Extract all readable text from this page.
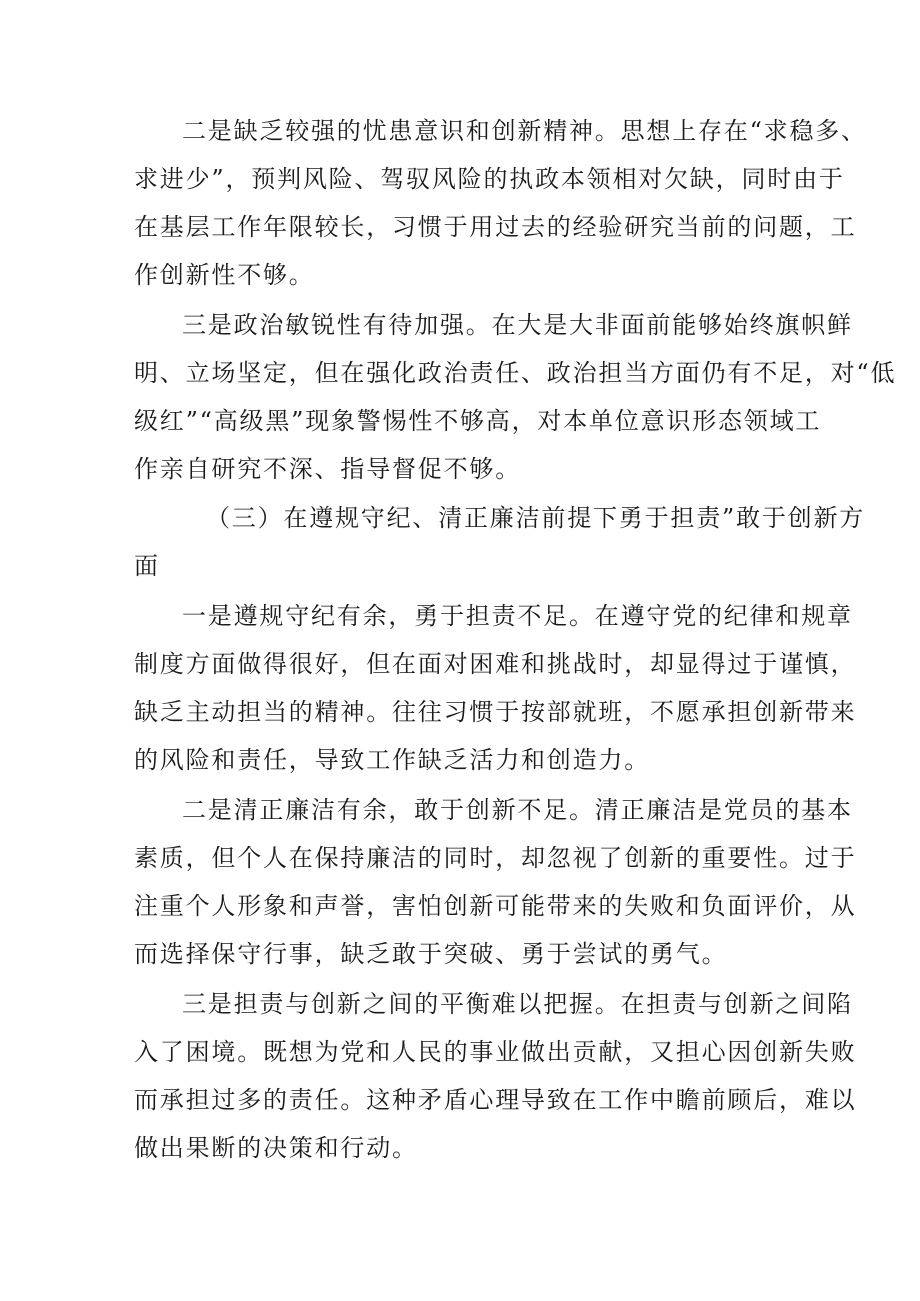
二是缺乏较强的忧患意识和创新精神。思想上存在“求稳多、
求进少”，预判风险、驾驭风险的执政本领相对欠缺，同时由于
在基层工作年限较长，习惯于用过去的经验研究当前的问题，工
作创新性不够。
三是政治敏锐性有待加强。在大是大非面前能够始终旗帜鲜
明、立场坚定，但在强化政治责任、政治担当方面仍有不足，对“低
级红”“高级黑”现象警惕性不够高，对本单位意识形态领域工
作亲自研究不深、指导督促不够。
（三）在遵规守纪、清正廉洁前提下勇于担责”敢于创新方
面
一是遵规守纪有余，勇于担责不足。在遵守党的纪律和规章
制度方面做得很好，但在面对困难和挑战时，却显得过于谨慎，
缺乏主动担当的精神。往往习惯于按部就班，不愿承担创新带来
的风险和责任，导致工作缺乏活力和创造力。
二是清正廉洁有余，敢于创新不足。清正廉洁是党员的基本
素质，但个人在保持廉洁的同时，却忽视了创新的重要性。过于
注重个人形象和声誉，害怕创新可能带来的失败和负面评价，从
而选择保守行事，缺乏敢于突破、勇于尝试的勇气。
三是担责与创新之间的平衡难以把握。在担责与创新之间陷
入了困境。既想为党和人民的事业做出贡献，又担心因创新失败
而承担过多的责任。这种矛盾心理导致在工作中瞻前顾后，难以
做出果断的决策和行动。
